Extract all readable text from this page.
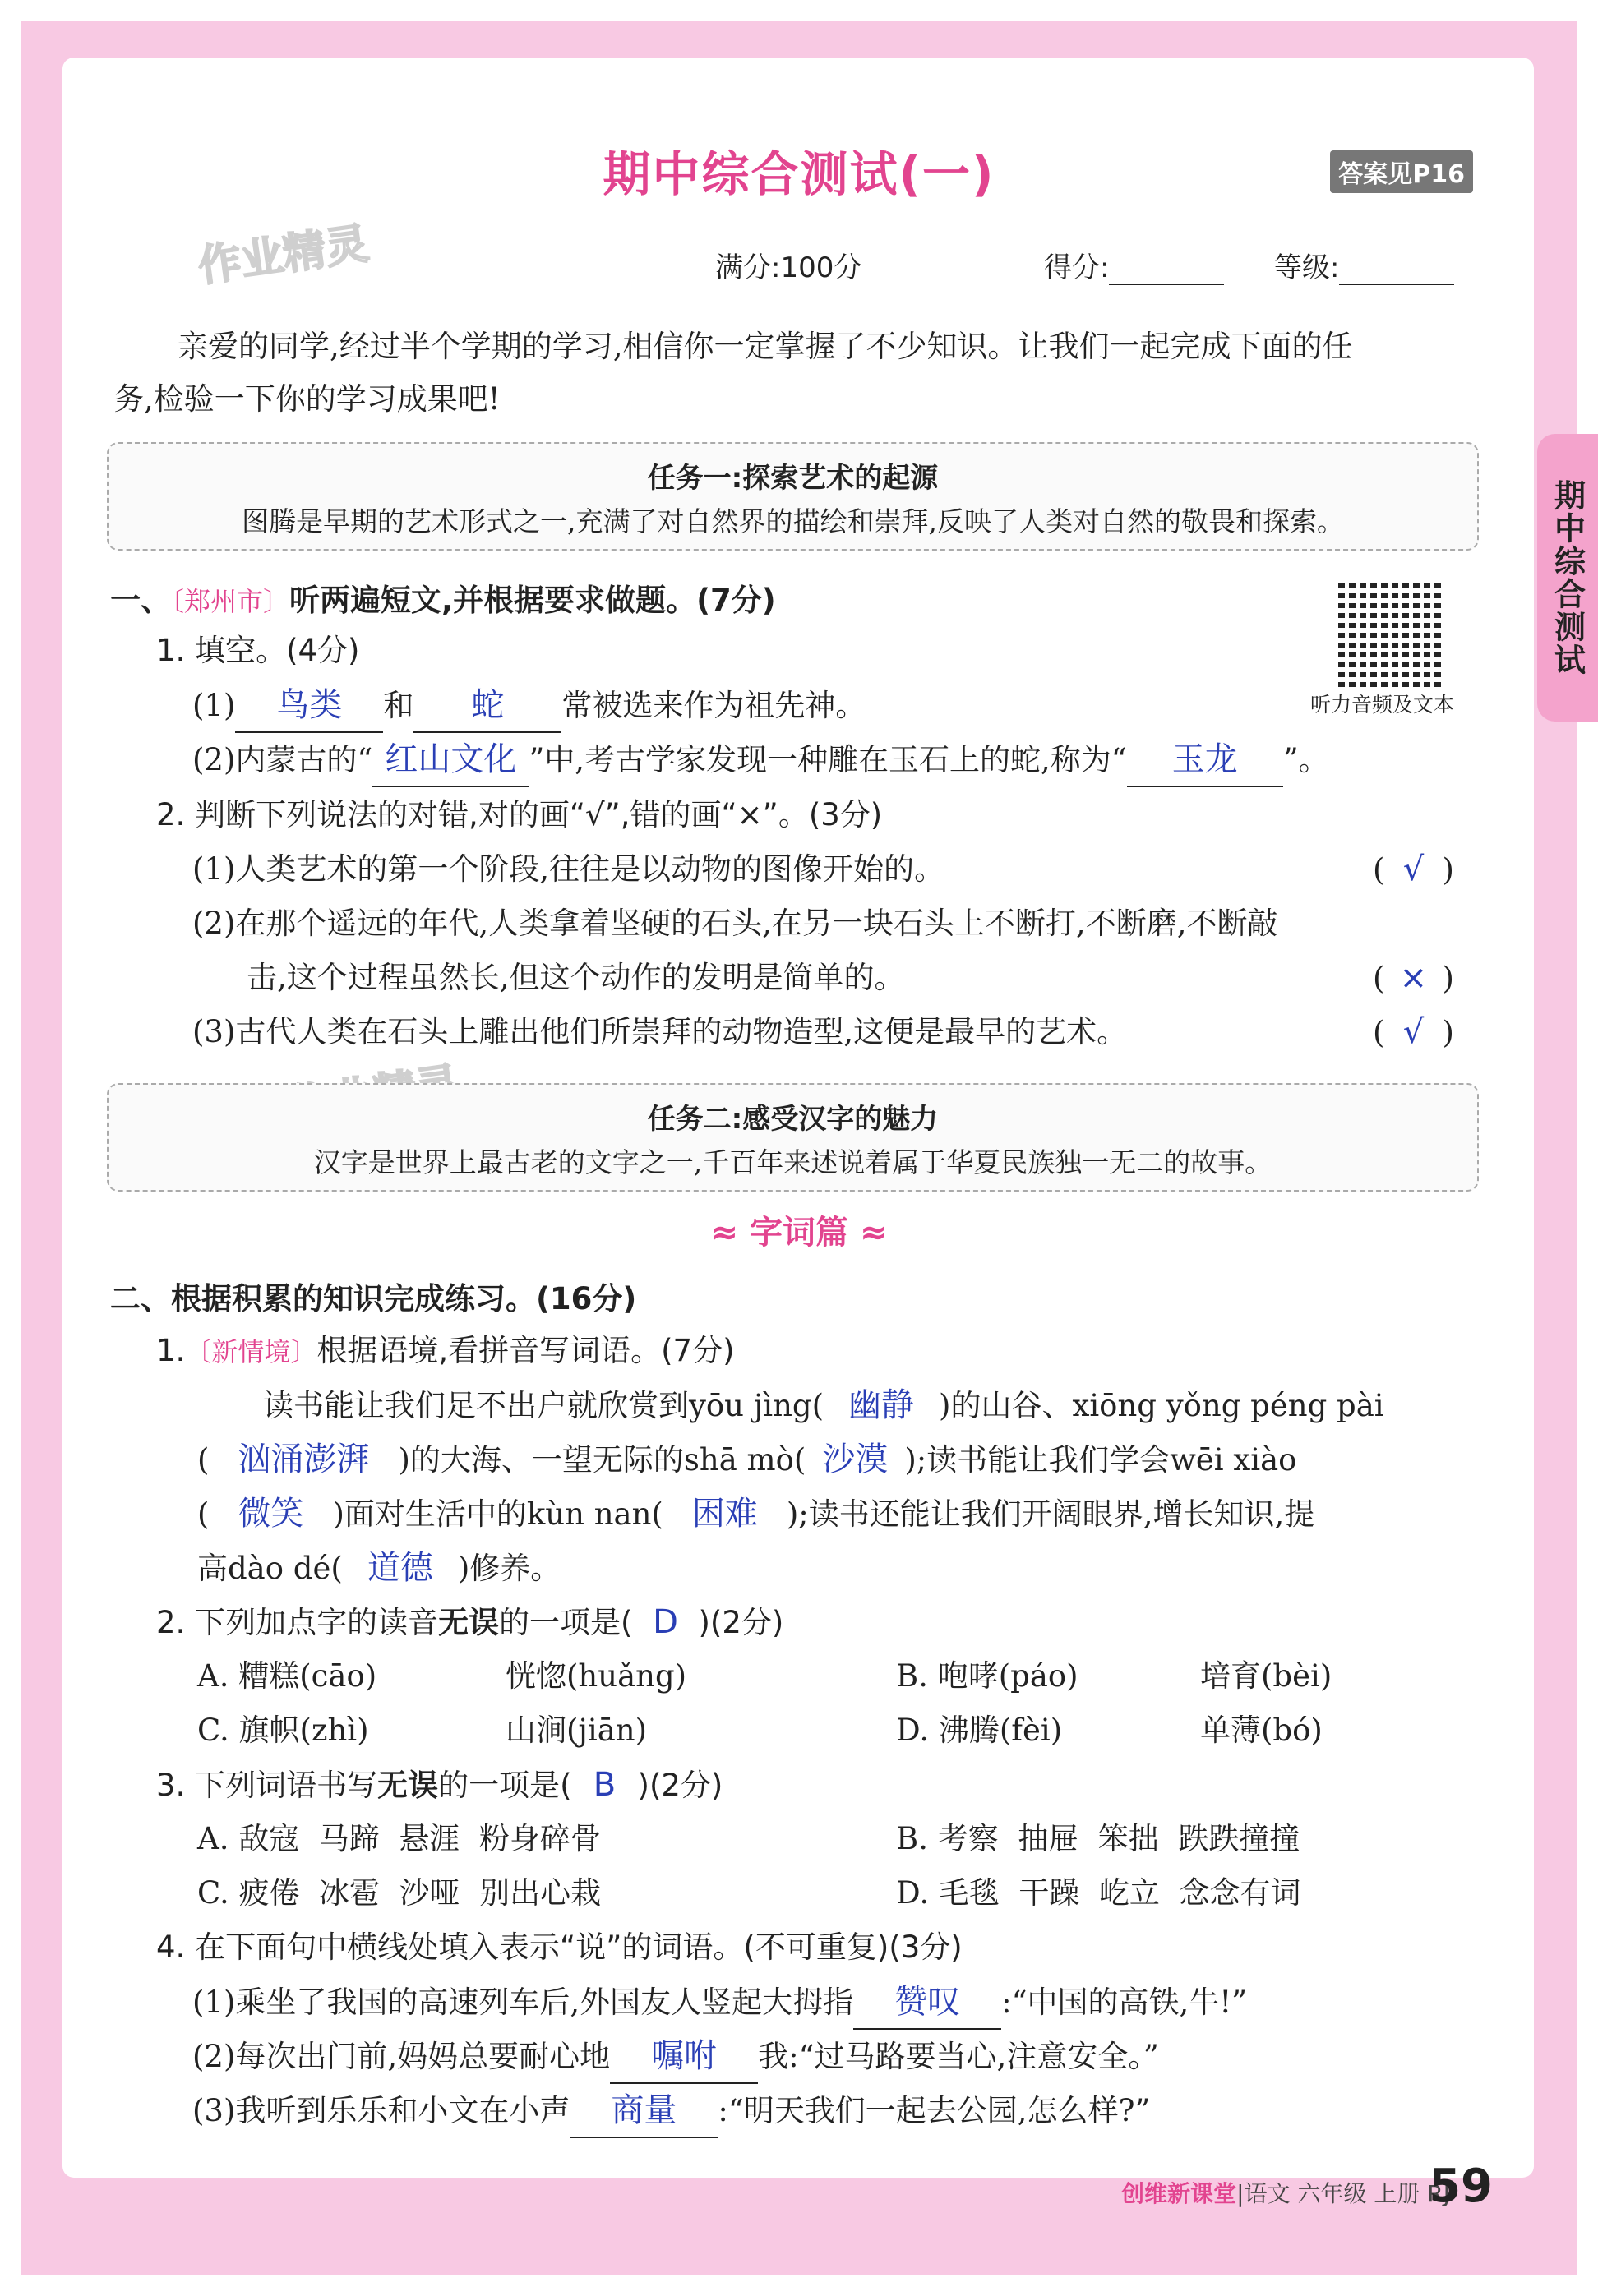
期中综合测试
期中综合测试(一)	答案见P16
作业精灵	满分:100分	得分:	等级:
亲爱的同学,经过半个学期的学习,相信你一定掌握了不少知识。让我们一起完成下面的任
务,检验一下你的学习成果吧!
任务一:探索艺术的起源
图腾是早期的艺术形式之一,充满了对自然界的描绘和崇拜,反映了人类对自然的敬畏和探索。
一、〔郑州市〕听两遍短文,并根据要求做题。(7分)
听力音频及文本
1. 填空。(4分)
(1) 鸟类 和 蛇 常被选来作为祖先神。
(2)内蒙古的“ 红山文化 ”中,考古学家发现一种雕在玉石上的蛇,称为“ 玉龙 ”。
2. 判断下列说法的对错,对的画“√”,错的画“×”。(3分)
(1)人类艺术的第一个阶段,往往是以动物的图像开始的。	( √ )
(2)在那个遥远的年代,人类拿着坚硬的石头,在另一块石头上不断打,不断磨,不断敲
击,这个过程虽然长,但这个动作的发明是简单的。	( × )
(3)古代人类在石头上雕出他们所崇拜的动物造型,这便是最早的艺术。	( √ )
任务二:感受汉字的魅力
汉字是世界上最古老的文字之一,千百年来述说着属于华夏民族独一无二的故事。
≈ 字词篇 ≈
二、根据积累的知识完成练习。(16分)
1.〔新情境〕根据语境,看拼音写词语。(7分)
读书能让我们足不出户就欣赏到yōu jìng( 幽静 )的山谷、xiōng yǒng péng pài
( 汹涌澎湃 )的大海、一望无际的shā mò( 沙漠 );读书能让我们学会wēi xiào
( 微笑 )面对生活中的kùn nan( 困难 );读书还能让我们开阔眼界,增长知识,提
高dào dé( 道德 )修养。
2. 下列加点字的读音无误的一项是( D )(2分)
A. 糟糕(cāo)	恍惚(huǎng)	B. 咆哮(páo)	培育(bèi)
C. 旗帜(zhì)	山涧(jiān)	D. 沸腾(fèi)	单薄(bó)
3. 下列词语书写无误的一项是( B )(2分)
A. 敌寇 马蹄 悬涯 粉身碎骨	B. 考察 抽屉 笨拙 跌跌撞撞
C. 疲倦 冰雹 沙哑 别出心栽	D. 毛毯 干躁 屹立 念念有词
4. 在下面句中横线处填入表示“说”的词语。(不可重复)(3分)
(1)乘坐了我国的高速列车后,外国友人竖起大拇指 赞叹 :“中国的高铁,牛!”
(2)每次出门前,妈妈总要耐心地 嘱咐 我:“过马路要当心,注意安全。”
(3)我听到乐乐和小文在小声 商量 :“明天我们一起去公园,怎么样?”
创维新课堂|语文 六年级 上册 RJ
59
